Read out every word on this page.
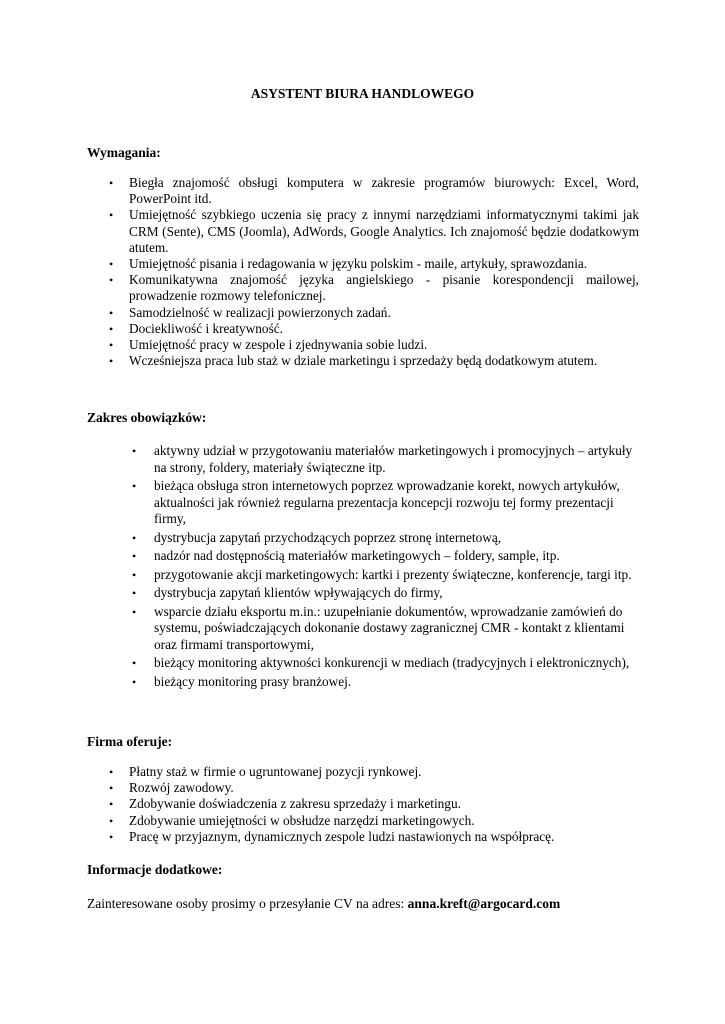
ASYSTENT BIURA HANDLOWEGO
Wymagania:
• Biegła znajomość obsługi komputera w zakresie programów biurowych: Excel, Word, PowerPoint itd.
• Umiejętność szybkiego uczenia się pracy z innymi narzędziami informatycznymi takimi jak CRM (Sente), CMS (Joomla), AdWords, Google Analytics. Ich znajomość będzie dodatkowym atutem.
• Umiejętność pisania i redagowania w języku polskim - maile, artykuły, sprawozdania.
• Komunikatywna znajomość języka angielskiego - pisanie korespondencji mailowej, prowadzenie rozmowy telefonicznej.
• Samodzielność w realizacji powierzonych zadań.
• Dociekliwość i kreatywność.
• Umiejętność pracy w zespole i zjednywania sobie ludzi.
• Wcześniejsza praca lub staż w dziale marketingu i sprzedaży będą dodatkowym atutem.
Zakres obowiązków:
• aktywny udział w przygotowaniu materiałów marketingowych i promocyjnych – artykuły na strony, foldery, materiały świąteczne itp.
• bieżąca obsługa stron internetowych poprzez wprowadzanie korekt, nowych artykułów, aktualności jak również regularna prezentacja koncepcji rozwoju tej formy prezentacji firmy,
• dystrybucja zapytań przychodzących poprzez stronę internetową,
• nadzór nad dostępnością materiałów marketingowych – foldery, sample, itp.
• przygotowanie akcji marketingowych: kartki i prezenty świąteczne, konferencje, targi itp.
• dystrybucja zapytań klientów wpływających do firmy,
• wsparcie działu eksportu m.in.: uzupełnianie dokumentów, wprowadzanie zamówień do systemu, poświadczających dokonanie dostawy zagranicznej CMR - kontakt z klientami oraz firmami transportowymi,
• bieżący monitoring aktywności konkurencji w mediach (tradycyjnych i elektronicznych),
• bieżący monitoring prasy branżowej.
Firma oferuje:
• Płatny staż w firmie o ugruntowanej pozycji rynkowej.
• Rozwój zawodowy.
• Zdobywanie doświadczenia z zakresu sprzedaży i marketingu.
• Zdobywanie umiejętności w obsłudze narzędzi marketingowych.
• Pracę w przyjaznym, dynamicznych zespole ludzi nastawionych na współpracę.
Informacje dodatkowe:
Zainteresowane osoby prosimy o przesyłanie CV na adres: anna.kreft@argocard.com
